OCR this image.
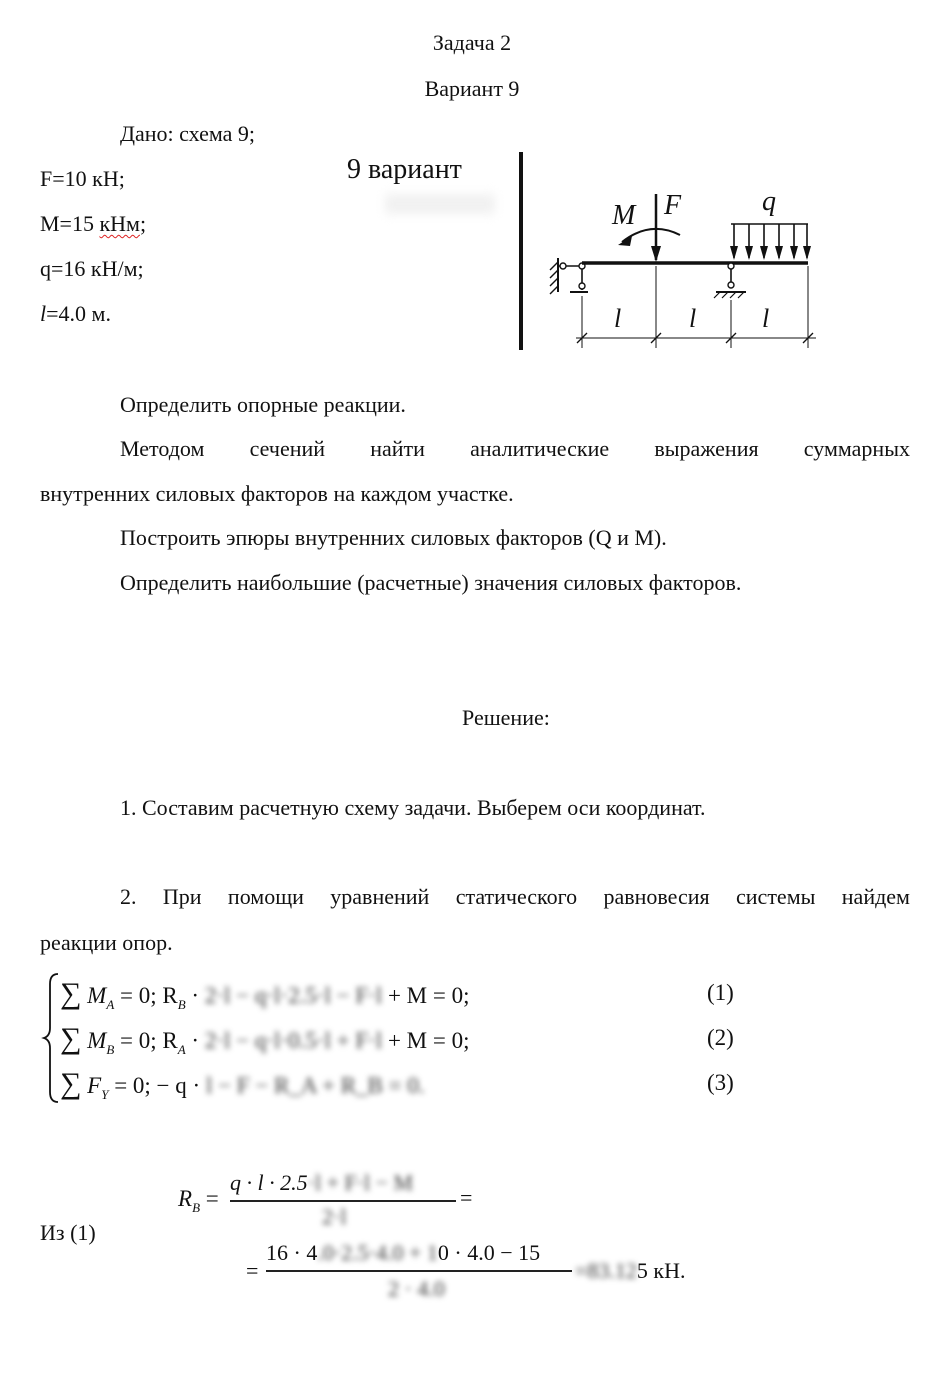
Задача 2
Вариант 9
Дано: схема 9;
F=10 кН;
M=15 кНм;
q=16 кН/м;
l=4.0 м.
9 вариант
M F	q
l	l	l
Определить опорные реакции.
Методом сечений найти аналитические выражения суммарных
внутренних силовых факторов на каждом участке.
Построить эпюры внутренних силовых факторов (Q и M).
Определить наибольшие (расчетные) значения силовых факторов.
Решение:
1. Составим расчетную схему задачи. Выберем оси координат.
2. При помощи уравнений статического равновесия системы найдем
реакции опор.
∑ $M_A = 0$; $R_B \cdot 2\cdot l - q\cdot l\cdot 2.5\cdot l - F\cdot l + M = 0$;	(1)
∑ $M_B = 0$; $R_A \cdot 2\cdot l - q\cdot l\cdot 0.5\cdot l + F\cdot l + M = 0$;	(2)
∑ $F_Y = 0$; − q · l − F − R_A + R_B = 0.	(3)
Из (1)
$R_B$ =
q · l · 2.5·l + F·l − M
2·l
=
=
16 · 4.0·2.5·4.0 + 10 · 4.0 − 15
2 · 4.0
=83.125 кН.
